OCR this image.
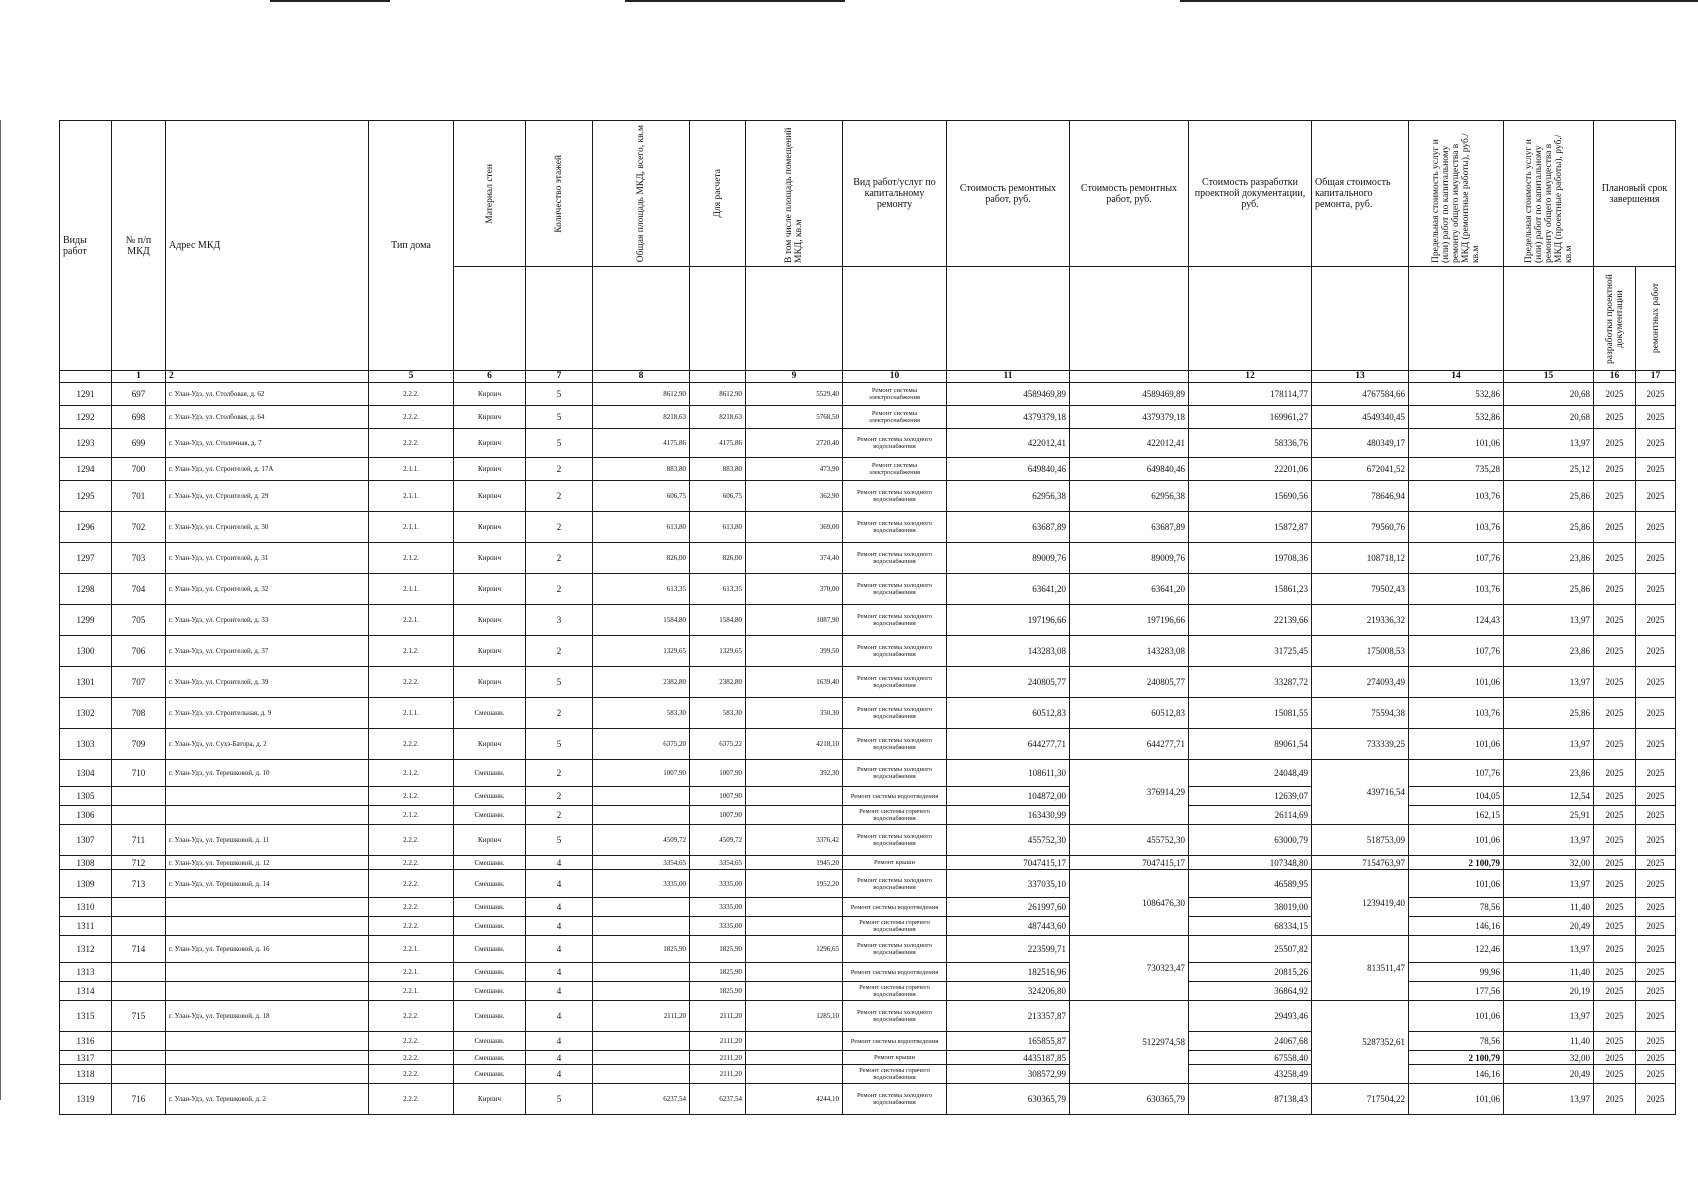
Виды работ	№ п/п МКД	Адрес МКД	Тип дома	Материал стен	Количество этажей	Общая площадь МКД, всего, кв.м	Для расчета	В том числе площадь помещений МКД, кв.м	Вид работ/услуг по капитальному ремонту	Стоимость ремонтных работ, руб.	Стоимость ремонтных работ, руб.	Стоимость разработки проектной документации, руб.	Общая стоимость капитального ремонта, руб.	Предельная стоимость услуг и (или) работ по капитальному ремонту общего имущества в МКД (ремонтные работы), руб./кв.м	Предельная стоимость услуг и (или) работ по капитальному ремонту общего имущества в МКД (проектные работы), руб./кв.м	Плановый срок завершения	

																разработки проектной документации	ремонтных работ

	1	2	5	6	7	8		9	10	11		12	13	14	15	16	17
1291	697	г. Улан-Удэ, ул. Столбовая, д. 62	2.2.2.	Кирпич	5	8612,90	8612,90	5529,40	Ремонт системы электроснабжения	4589469,89	4589469,89	178114,77	4767584,66	532,86	20,68	2025	2025
1292	698	г. Улан-Удэ, ул. Столбовая, д. 64	2.2.2.	Кирпич	5	8218,63	8218,63	5768,50	Ремонт системы электроснабжения	4379379,18	4379379,18	169961,27	4549340,45	532,86	20,68	2025	2025
1293	699	г. Улан-Удэ, ул. Столичная, д. 7	2.2.2.	Кирпич	5	4175,86	4175,86	2720,40	Ремонт системы холодного водоснабжения	422012,41	422012,41	58336,76	480349,17	101,06	13,97	2025	2025
1294	700	г. Улан-Удэ, ул. Строителей, д. 17А	2.1.1.	Кирпич	2	883,80	883,80	473,90	Ремонт системы электроснабжения	649840,46	649840,46	22201,06	672041,52	735,28	25,12	2025	2025
1295	701	г. Улан-Удэ, ул. Строителей, д. 29	2.1.1.	Кирпич	2	606,75	606,75	362,90	Ремонт системы холодного водоснабжения	62956,38	62956,38	15690,56	78646,94	103,76	25,86	2025	2025
1296	702	г. Улан-Удэ, ул. Строителей, д. 30	2.1.1.	Кирпич	2	613,80	613,80	369,00	Ремонт системы холодного водоснабжения	63687,89	63687,89	15872,87	79560,76	103,76	25,86	2025	2025
1297	703	г. Улан-Удэ, ул. Строителей, д. 31	2.1.2.	Кирпич	2	826,00	826,00	374,40	Ремонт системы холодного водоснабжения	89009,76	89009,76	19708,36	108718,12	107,76	23,86	2025	2025
1298	704	г. Улан-Удэ, ул. Строителей, д. 32	2.1.1.	Кирпич	2	613,35	613,35	370,00	Ремонт системы холодного водоснабжения	63641,20	63641,20	15861,23	79502,43	103,76	25,86	2025	2025
1299	705	г. Улан-Удэ, ул. Строителей, д. 33	2.2.1.	Кирпич	3	1584,80	1584,80	1087,90	Ремонт системы холодного водоснабжения	197196,66	197196,66	22139,66	219336,32	124,43	13,97	2025	2025
1300	706	г. Улан-Удэ, ул. Строителей, д. 37	2.1.2.	Кирпич	2	1329,65	1329,65	399,50	Ремонт системы холодного водоснабжения	143283,08	143283,08	31725,45	175008,53	107,76	23,86	2025	2025
1301	707	г. Улан-Удэ, ул. Строителей, д. 39	2.2.2.	Кирпич	5	2382,80	2382,80	1639,40	Ремонт системы холодного водоснабжения	240805,77	240805,77	33287,72	274093,49	101,06	13,97	2025	2025
1302	708	г. Улан-Удэ, ул. Строительная, д. 9	2.1.1.	Смешанн.	2	583,30	583,30	350,30	Ремонт системы холодного водоснабжения	60512,83	60512,83	15081,55	75594,38	103,76	25,86	2025	2025
1303	709	г. Улан-Удэ, ул. Сухэ-Батора, д. 2	2.2.2.	Кирпич	5	6375,20	6375,22	4218,10	Ремонт системы холодного водоснабжения	644277,71	644277,71	89061,54	733339,25	101,06	13,97	2025	2025
1304	710	г. Улан-Удэ, ул. Терешковой, д. 10	2.1.2.	Смешанн.	2	1007,90	1007,90	392,30	Ремонт системы холодного водоснабжения	108611,30	376914,29	24048,49	439716,54	107,76	23,86	2025	2025
1305			2.1.2.	Смешанн.	2		1007,90		Ремонт системы водоотведения	104872,00		12639,07		104,05	12,54	2025	2025
1306			2.1.2.	Смешанн.	2		1007,90		Ремонт системы горячего водоснабжения	163430,99		26114,69		162,15	25,91	2025	2025
1307	711	г. Улан-Удэ, ул. Терешковой, д. 11	2.2.2.	Кирпич	5	4509,72	4509,72	3376,42	Ремонт системы холодного водоснабжения	455752,30	455752,30	63000,79	518753,09	101,06	13,97	2025	2025
1308	712	г. Улан-Удэ, ул. Терешковой, д. 12	2.2.2.	Смешанн.	4	3354,65	3354,65	1945,20	Ремонт крыши	7047415,17	7047415,17	107348,80	7154763,97	2 100,79	32,00	2025	2025
1309	713	г. Улан-Удэ, ул. Терешковой, д. 14	2.2.2.	Смешанн.	4	3335,00	3335,00	1952,20	Ремонт системы холодного водоснабжения	337035,10	1086476,30	46589,95	1239419,40	101,06	13,97	2025	2025
1310			2.2.2.	Смешанн.	4		3335,00		Ремонт системы водоотведения	261997,60		38019,00		78,56	11,40	2025	2025
1311			2.2.2.	Смешанн.	4		3335,00		Ремонт системы горячего водоснабжения	487443,60		68334,15		146,16	20,49	2025	2025
1312	714	г. Улан-Удэ, ул. Терешковой, д. 16	2.2.1.	Смешанн.	4	1825,90	1825,90	1296,65	Ремонт системы холодного водоснабжения	223599,71	730323,47	25507,82	813511,47	122,46	13,97	2025	2025
1313			2.2.1.	Смешанн.	4		1825,90		Ремонт системы водоотведения	182516,96		20815,26		99,96	11,40	2025	2025
1314			2.2.1.	Смешанн.	4		1825,90		Ремонт системы горячего водоснабжения	324206,80		36864,92		177,56	20,19	2025	2025
1315	715	г. Улан-Удэ, ул. Терешковой, д. 18	2.2.2.	Смешанн.	4	2111,20	2111,20	1285,10	Ремонт системы холодного водоснабжения	213357,87	5122974,58	29493,46	5287352,61	101,06	13,97	2025	2025
1316			2.2.2.	Смешанн.	4		2111,20		Ремонт системы водоотведения	165855,87		24067,68		78,56	11,40	2025	2025
1317			2.2.2.	Смешанн.	4		2111,20		Ремонт крыши	4435187,85		67558,40		2 100,79	32,00	2025	2025
1318			2.2.2.	Смешанн.	4		2111,20		Ремонт системы горячего водоснабжения	308572,99		43258,49		146,16	20,49	2025	2025
1319	716	г. Улан-Удэ, ул. Терешковой, д. 2	2.2.2.	Кирпич	5	6237,54	6237,54	4244,10	Ремонт системы холодного водоснабжения	630365,79	630365,79	87138,43	717504,22	101,06	13,97	2025	2025
